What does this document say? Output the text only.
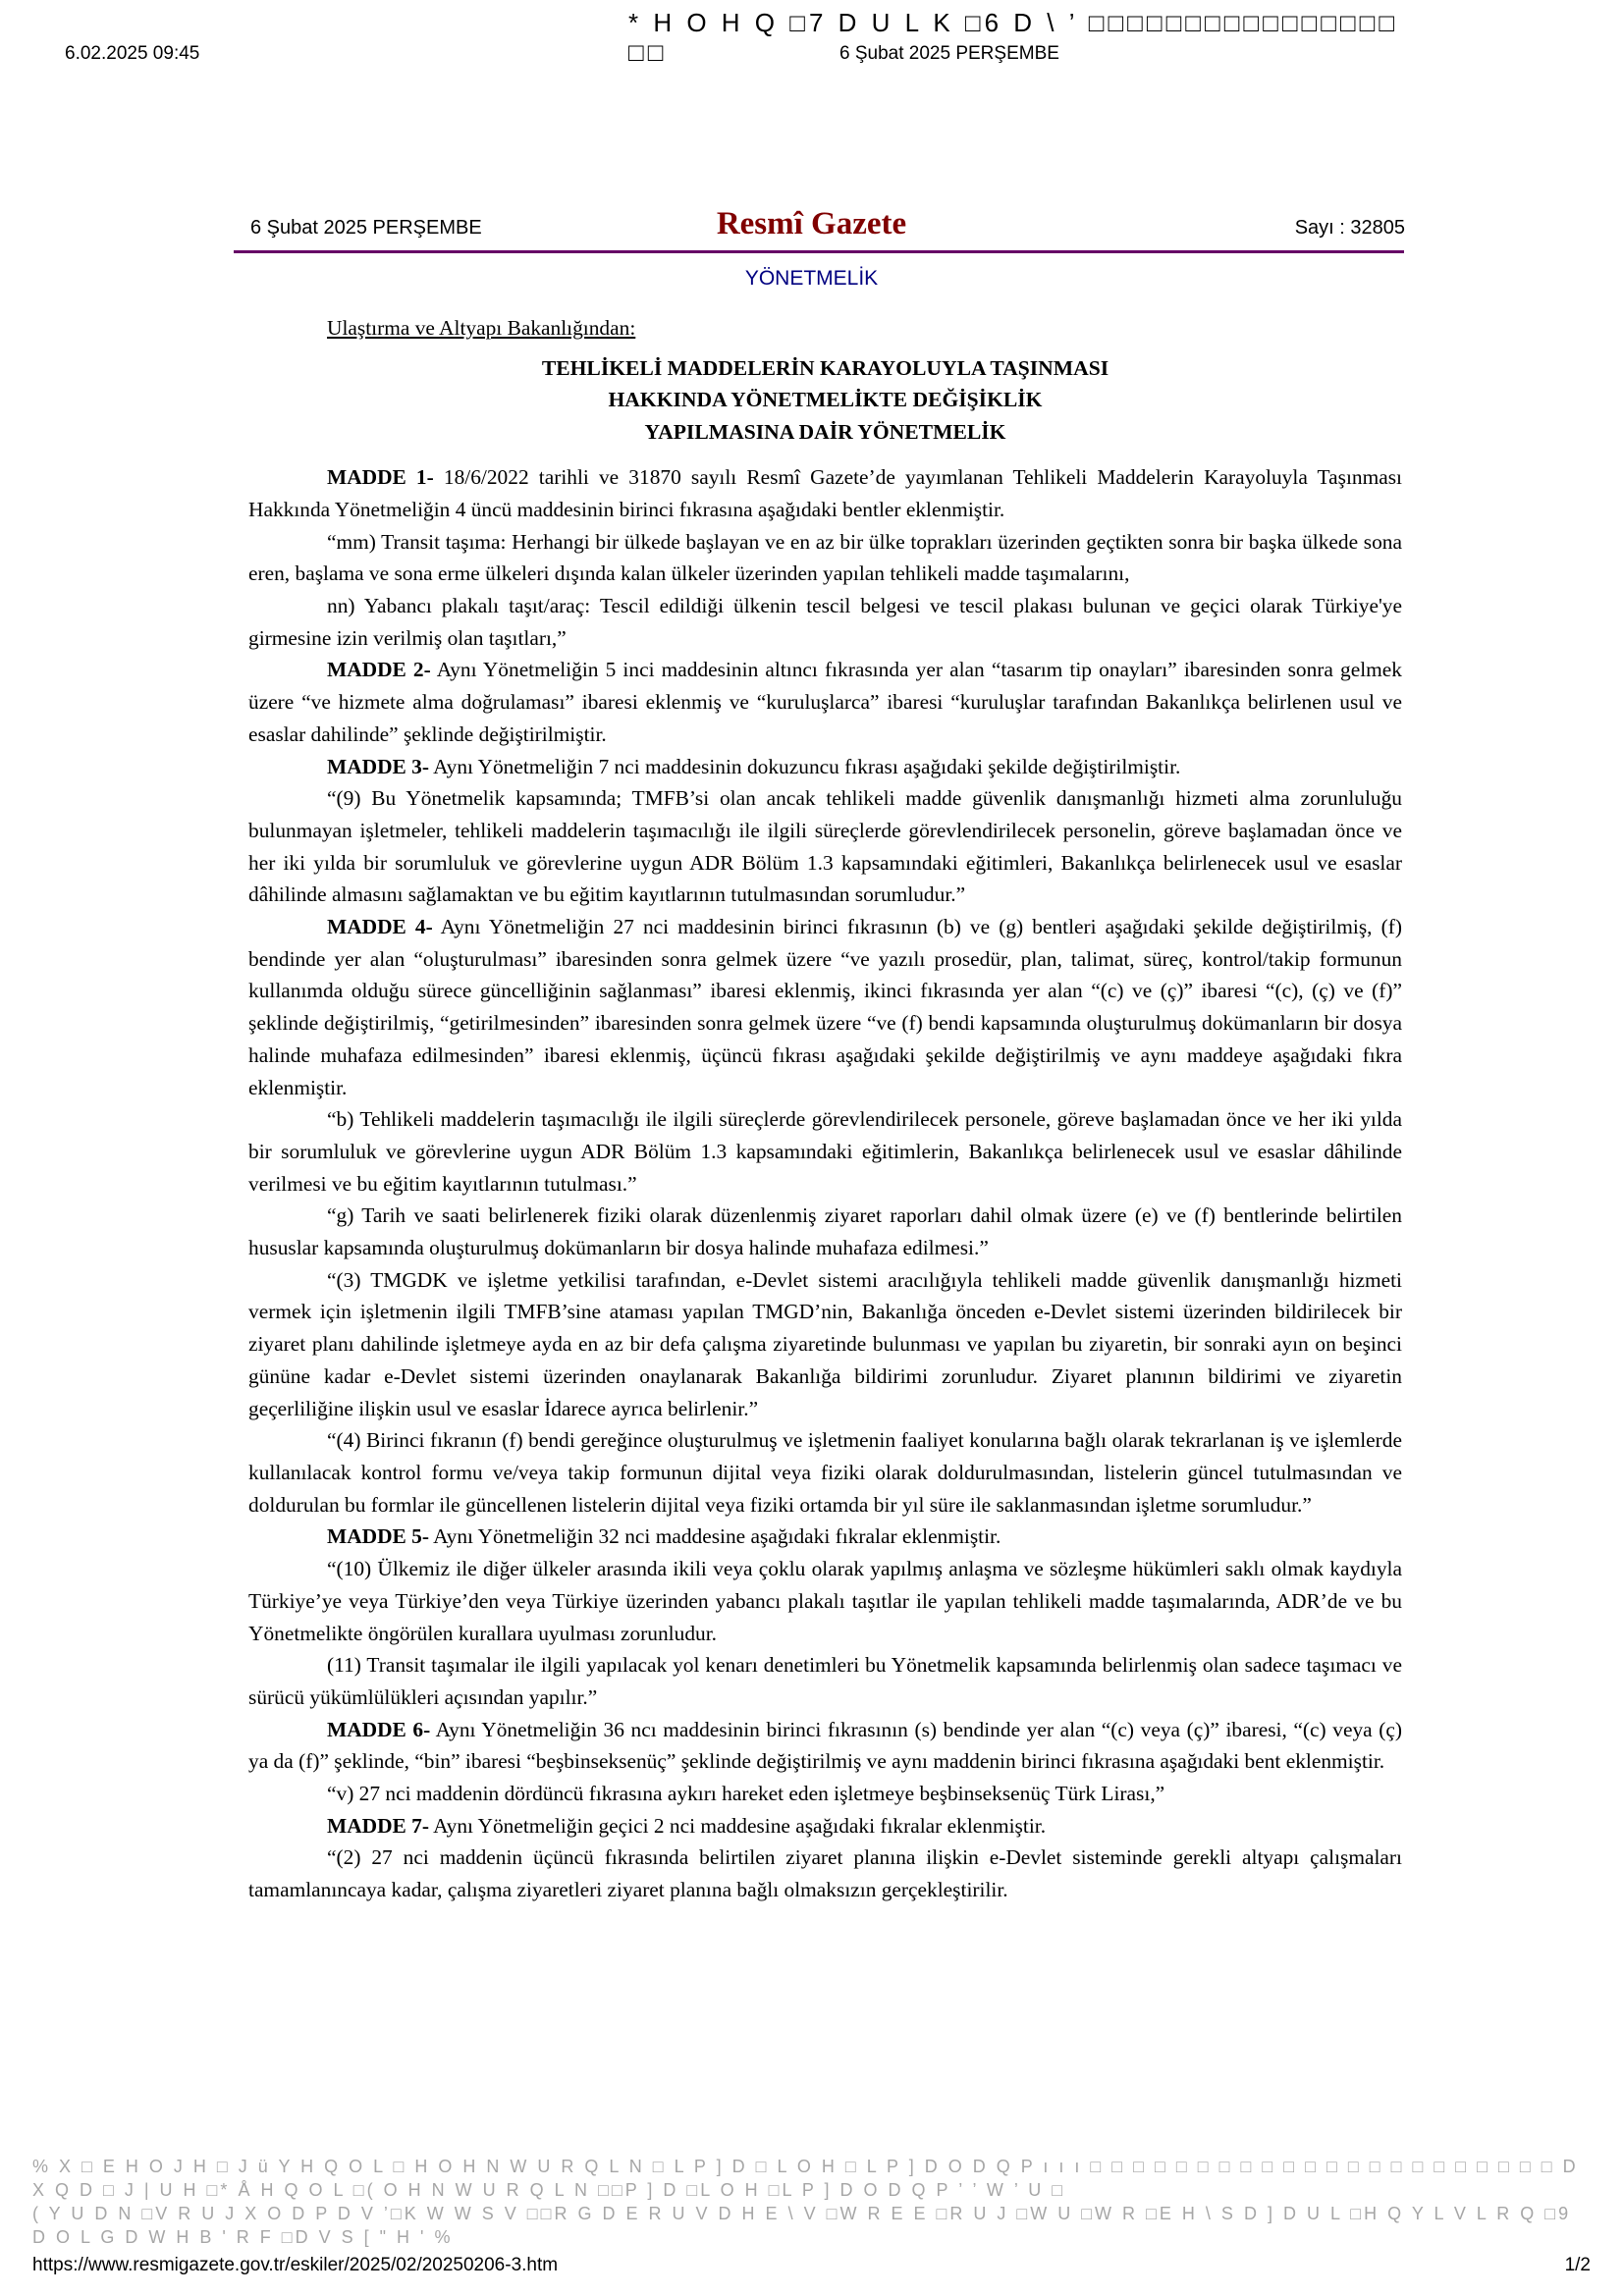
* H O H Q □7 D U L K □6 D \ ’ □□□□□□□□□□□□□□□□□□
6.02.2025 09:45	6 Şubat 2025 PERŞEMBE
6 Şubat 2025 PERŞEMBE	Resmî Gazete	Sayı : 32805
YÖNETMELİK
Ulaştırma ve Altyapı Bakanlığından:
TEHLİKELİ MADDELERİN KARAYOLUYLA TAŞINMASI
HAKKINDA YÖNETMELİKTE DEĞİŞİKLİK
YAPILMASINA DAİR YÖNETMELİK

MADDE 1- 18/6/2022 tarihli ve 31870 sayılı Resmî Gazete’de yayımlanan Tehlikeli Maddelerin Karayoluyla Taşınması Hakkında Yönetmeliğin 4 üncü maddesinin birinci fıkrasına aşağıdaki bentler eklenmiştir.

“mm) Transit taşıma: Herhangi bir ülkede başlayan ve en az bir ülke toprakları üzerinden geçtikten sonra bir başka ülkede sona eren, başlama ve sona erme ülkeleri dışında kalan ülkeler üzerinden yapılan tehlikeli madde taşımalarını,

nn) Yabancı plakalı taşıt/araç: Tescil edildiği ülkenin tescil belgesi ve tescil plakası bulunan ve geçici olarak Türkiye'ye girmesine izin verilmiş olan taşıtları,”

MADDE 2- Aynı Yönetmeliğin 5 inci maddesinin altıncı fıkrasında yer alan “tasarım tip onayları” ibaresinden sonra gelmek üzere “ve hizmete alma doğrulaması” ibaresi eklenmiş ve “kuruluşlarca” ibaresi “kuruluşlar tarafından Bakanlıkça belirlenen usul ve esaslar dahilinde” şeklinde değiştirilmiştir.

MADDE 3- Aynı Yönetmeliğin 7 nci maddesinin dokuzuncu fıkrası aşağıdaki şekilde değiştirilmiştir.

“(9) Bu Yönetmelik kapsamında; TMFB’si olan ancak tehlikeli madde güvenlik danışmanlığı hizmeti alma zorunluluğu bulunmayan işletmeler, tehlikeli maddelerin taşımacılığı ile ilgili süreçlerde görevlendirilecek personelin, göreve başlamadan önce ve her iki yılda bir sorumluluk ve görevlerine uygun ADR Bölüm 1.3 kapsamındaki eğitimleri, Bakanlıkça belirlenecek usul ve esaslar dâhilinde almasını sağlamaktan ve bu eğitim kayıtlarının tutulmasından sorumludur.”

MADDE 4- Aynı Yönetmeliğin 27 nci maddesinin birinci fıkrasının (b) ve (g) bentleri aşağıdaki şekilde değiştirilmiş, (f) bendinde yer alan “oluşturulması” ibaresinden sonra gelmek üzere “ve yazılı prosedür, plan, talimat, süreç, kontrol/takip formunun kullanımda olduğu sürece güncelliğinin sağlanması” ibaresi eklenmiş, ikinci fıkrasında yer alan “(c) ve (ç)” ibaresi “(c), (ç) ve (f)” şeklinde değiştirilmiş, “getirilmesinden” ibaresinden sonra gelmek üzere “ve (f) bendi kapsamında oluşturulmuş dokümanların bir dosya halinde muhafaza edilmesinden” ibaresi eklenmiş, üçüncü fıkrası aşağıdaki şekilde değiştirilmiş ve aynı maddeye aşağıdaki fıkra eklenmiştir.

“b) Tehlikeli maddelerin taşımacılığı ile ilgili süreçlerde görevlendirilecek personele, göreve başlamadan önce ve her iki yılda bir sorumluluk ve görevlerine uygun ADR Bölüm 1.3 kapsamındaki eğitimlerin, Bakanlıkça belirlenecek usul ve esaslar dâhilinde verilmesi ve bu eğitim kayıtlarının tutulması.”

“g) Tarih ve saati belirlenerek fiziki olarak düzenlenmiş ziyaret raporları dahil olmak üzere (e) ve (f) bentlerinde belirtilen hususlar kapsamında oluşturulmuş dokümanların bir dosya halinde muhafaza edilmesi.”

“(3) TMGDK ve işletme yetkilisi tarafından, e-Devlet sistemi aracılığıyla tehlikeli madde güvenlik danışmanlığı hizmeti vermek için işletmenin ilgili TMFB’sine ataması yapılan TMGD’nin, Bakanlığa önceden e-Devlet sistemi üzerinden bildirilecek bir ziyaret planı dahilinde işletmeye ayda en az bir defa çalışma ziyaretinde bulunması ve yapılan bu ziyaretin, bir sonraki ayın on beşinci gününe kadar e-Devlet sistemi üzerinden onaylanarak Bakanlığa bildirimi zorunludur. Ziyaret planının bildirimi ve ziyaretin geçerliliğine ilişkin usul ve esaslar İdarece ayrıca belirlenir.”

“(4) Birinci fıkranın (f) bendi gereğince oluşturulmuş ve işletmenin faaliyet konularına bağlı olarak tekrarlanan iş ve işlemlerde kullanılacak kontrol formu ve/veya takip formunun dijital veya fiziki olarak doldurulmasından, listelerin güncel tutulmasından ve doldurulan bu formlar ile güncellenen listelerin dijital veya fiziki ortamda bir yıl süre ile saklanmasından işletme sorumludur.”

MADDE 5- Aynı Yönetmeliğin 32 nci maddesine aşağıdaki fıkralar eklenmiştir.

“(10) Ülkemiz ile diğer ülkeler arasında ikili veya çoklu olarak yapılmış anlaşma ve sözleşme hükümleri saklı olmak kaydıyla Türkiye’ye veya Türkiye’den veya Türkiye üzerinden yabancı plakalı taşıtlar ile yapılan tehlikeli madde taşımalarında, ADR’de ve bu Yönetmelikte öngörülen kurallara uyulması zorunludur.

(11) Transit taşımalar ile ilgili yapılacak yol kenarı denetimleri bu Yönetmelik kapsamında belirlenmiş olan sadece taşımacı ve sürücü yükümlülükleri açısından yapılır.”

MADDE 6- Aynı Yönetmeliğin 36 ncı maddesinin birinci fıkrasının (s) bendinde yer alan “(c) veya (ç)” ibaresi, “(c) veya (ç) ya da (f)” şeklinde, “bin” ibaresi “beşbinseksenüç” şeklinde değiştirilmiş ve aynı maddenin birinci fıkrasına aşağıdaki bent eklenmiştir.

“v) 27 nci maddenin dördüncü fıkrasına aykırı hareket eden işletmeye beşbinseksenüç Türk Lirası,”

MADDE 7- Aynı Yönetmeliğin geçici 2 nci maddesine aşağıdaki fıkralar eklenmiştir.

“(2) 27 nci maddenin üçüncü fıkrasında belirtilen ziyaret planına ilişkin e-Devlet sisteminde gerekli altyapı çalışmaları tamamlanıncaya kadar, çalışma ziyaretleri ziyaret planına bağlı olmaksızın gerçekleştirilir.

% X □ E H O J H □ J ü Y H Q O L □ H O H N W U R Q L N □ L P ] D □ L O H □ L P ] D O D Q P ı ı ı □ □ □ □ □ □ □ □ □ □ □ □ □ □ □ □ □ □ □ □ □ □ D X Q D □ J | U H □* Å H Q O L □( O H N W U R Q L N □□P ] D □L O H □L P ] D O D Q P ’ ’ W ’ U □
( Y U D N □V R U J X O D P D V ’□K W W S V □□R G D E R U V D H E \ V □W R E E □R U J □W U □W R □E H \ S D ] D U L □H Q Y L V L R Q □9 D O L G D W H B ' R F □D V S [ " H ' %
https://www.resmigazete.gov.tr/eskiler/2025/02/20250206-3.htm	1/2
